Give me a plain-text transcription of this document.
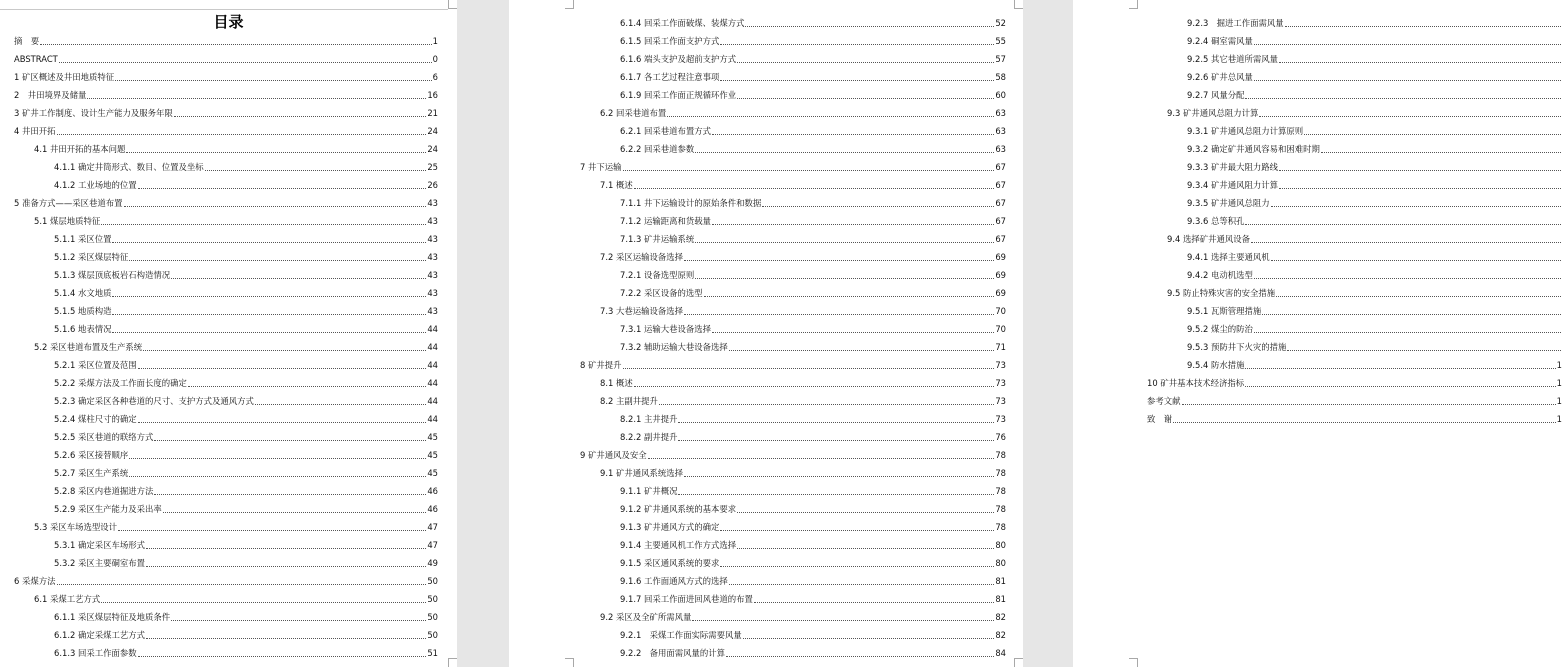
目录
摘　要	1
ABSTRACT	0
1 矿区概述及井田地质特征	6
2　井田境界及储量	16
3 矿井工作制度、设计生产能力及服务年限	21
4 井田开拓	24
4.1 井田开拓的基本问题	24
4.1.1 确定井筒形式、数目、位置及坐标	25
4.1.2 工业场地的位置	26
5 准备方式——采区巷道布置	43
5.1 煤层地质特征	43
5.1.1 采区位置	43
5.1.2 采区煤层特征	43
5.1.3 煤层顶底板岩石构造情况	43
5.1.4 水文地质	43
5.1.5 地质构造	43
5.1.6 地表情况	44
5.2 采区巷道布置及生产系统	44
5.2.1 采区位置及范围	44
5.2.2 采煤方法及工作面长度的确定	44
5.2.3 确定采区各种巷道的尺寸、支护方式及通风方式	44
5.2.4 煤柱尺寸的确定	44
5.2.5 采区巷道的联络方式	45
5.2.6 采区接替顺序	45
5.2.7 采区生产系统	45
5.2.8 采区内巷道掘进方法	46
5.2.9 采区生产能力及采出率	46
5.3 采区车场选型设计	47
5.3.1 确定采区车场形式	47
5.3.2 采区主要硐室布置	49
6 采煤方法	50
6.1 采煤工艺方式	50
6.1.1 采区煤层特征及地质条件	50
6.1.2 确定采煤工艺方式	50
6.1.3 回采工作面参数	51
6.1.4 回采工作面破煤、装煤方式	52
6.1.5 回采工作面支护方式	55
6.1.6 端头支护及超前支护方式	57
6.1.7 各工艺过程注意事项	58
6.1.9 回采工作面正规循环作业	60
6.2 回采巷道布置	63
6.2.1 回采巷道布置方式	63
6.2.2 回采巷道参数	63
7 井下运输	67
7.1 概述	67
7.1.1 井下运输设计的原始条件和数据	67
7.1.2 运输距离和货载量	67
7.1.3 矿井运输系统	67
7.2 采区运输设备选择	69
7.2.1 设备选型原则	69
7.2.2 采区设备的选型	69
7.3 大巷运输设备选择	70
7.3.1 运输大巷设备选择	70
7.3.2 辅助运输大巷设备选择	71
8 矿井提升	73
8.1 概述	73
8.2 主副井提升	73
8.2.1 主井提升	73
8.2.2 副井提升	76
9 矿井通风及安全	78
9.1 矿井通风系统选择	78
9.1.1 矿井概况	78
9.1.2 矿井通风系统的基本要求	78
9.1.3 矿井通风方式的确定	78
9.1.4 主要通风机工作方式选择	80
9.1.5 采区通风系统的要求	80
9.1.6 工作面通风方式的选择	81
9.1.7 回采工作面进回风巷道的布置	81
9.2 采区及全矿所需风量	82
9.2.1　采煤工作面实际需要风量	82
9.2.2　备用面需风量的计算	84
9.2.3　掘进工作面需风量
9.2.4 硐室需风量
9.2.5 其它巷道所需风量
9.2.6 矿井总风量
9.2.7 风量分配
9.3 矿井通风总阻力计算
9.3.1 矿井通风总阻力计算原则
9.3.2 确定矿井通风容易和困难时期
9.3.3 矿井最大阻力路线
9.3.4 矿井通风阻力计算
9.3.5 矿井通风总阻力
9.3.6 总等积孔
9.4 选择矿井通风设备
9.4.1 选择主要通风机
9.4.2 电动机选型
9.5 防止特殊灾害的安全措施
9.5.1 瓦斯管理措施
9.5.2 煤尘的防治
9.5.3 预防井下火灾的措施
9.5.4 防水措施	1
10 矿井基本技术经济指标	1
参考文献	1
致　谢	1
